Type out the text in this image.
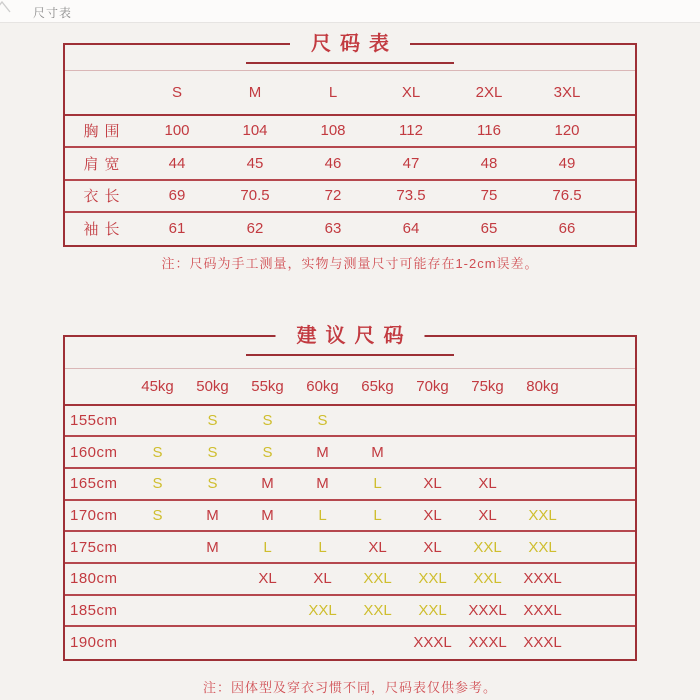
尺寸表
尺码表
	S	M	L	XL	2XL	3XL	
胸围	100	104	108	112	116	120	
肩宽	44	45	46	47	48	49	
衣长	69	70.5	72	73.5	75	76.5	
袖长	61	62	63	64	65	66	
注：尺码为手工测量，实物与测量尺寸可能存在1-2cm误差。
建议尺码
	45kg	50kg	55kg	60kg	65kg	70kg	75kg	80kg	
155cm		S	S	S					
160cm	S	S	S	M	M				
165cm	S	S	M	M	L	XL	XL		
170cm	S	M	M	L	L	XL	XL	XXL	
175cm		M	L	L	XL	XL	XXL	XXL	
180cm			XL	XL	XXL	XXL	XXL	XXXL	
185cm				XXL	XXL	XXL	XXXL	XXXL	
190cm						XXXL	XXXL	XXXL	
注：因体型及穿衣习惯不同，尺码表仅供参考。
